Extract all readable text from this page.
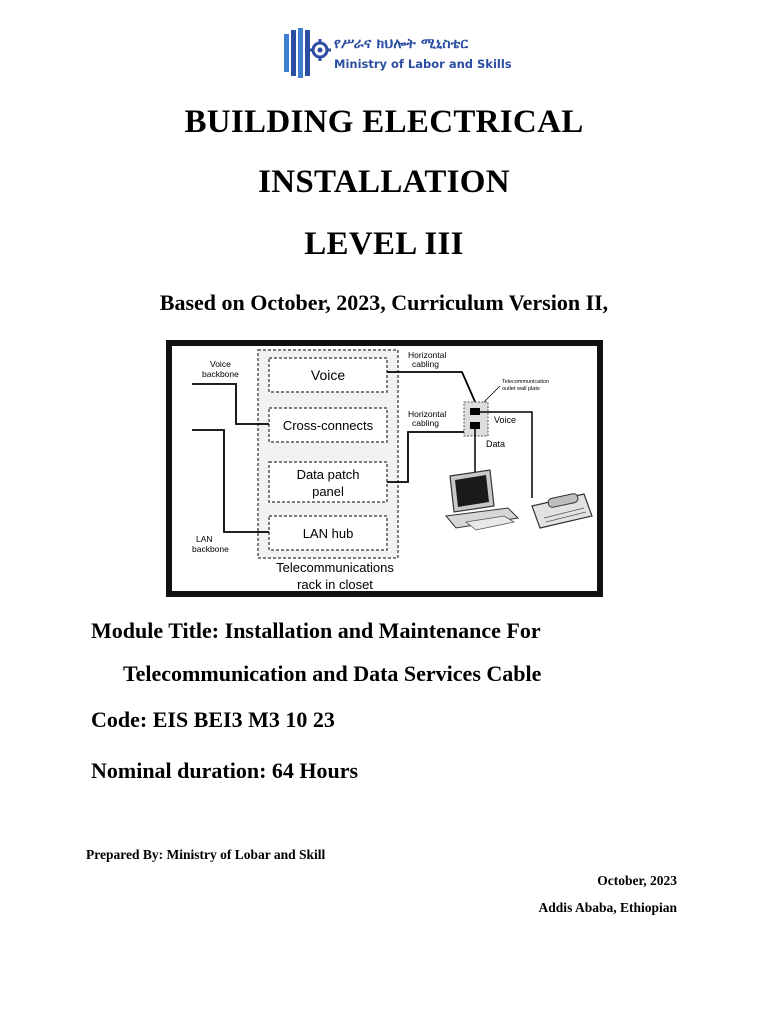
የሥራና ክህሎት ሚኒስቴር
Ministry of Labor and Skills
BUILDING ELECTRICAL
INSTALLATION
LEVEL III
Based on October, 2023, Curriculum Version II,
Voice
Cross-connects
Data patch
panel
LAN hub
Voice
backbone
LAN
backbone
Horizontal
cabling
Horizontal
cabling
Telecommunication
outlet wall plate
Voice
Data
Telecommunications
rack in closet
Module Title: Installation and Maintenance For
Telecommunication and Data Services Cable
Code: EIS BEI3 M3 10 23
Nominal duration: 64 Hours
Prepared By: Ministry of Lobar and Skill
October, 2023
Addis Ababa, Ethiopian
